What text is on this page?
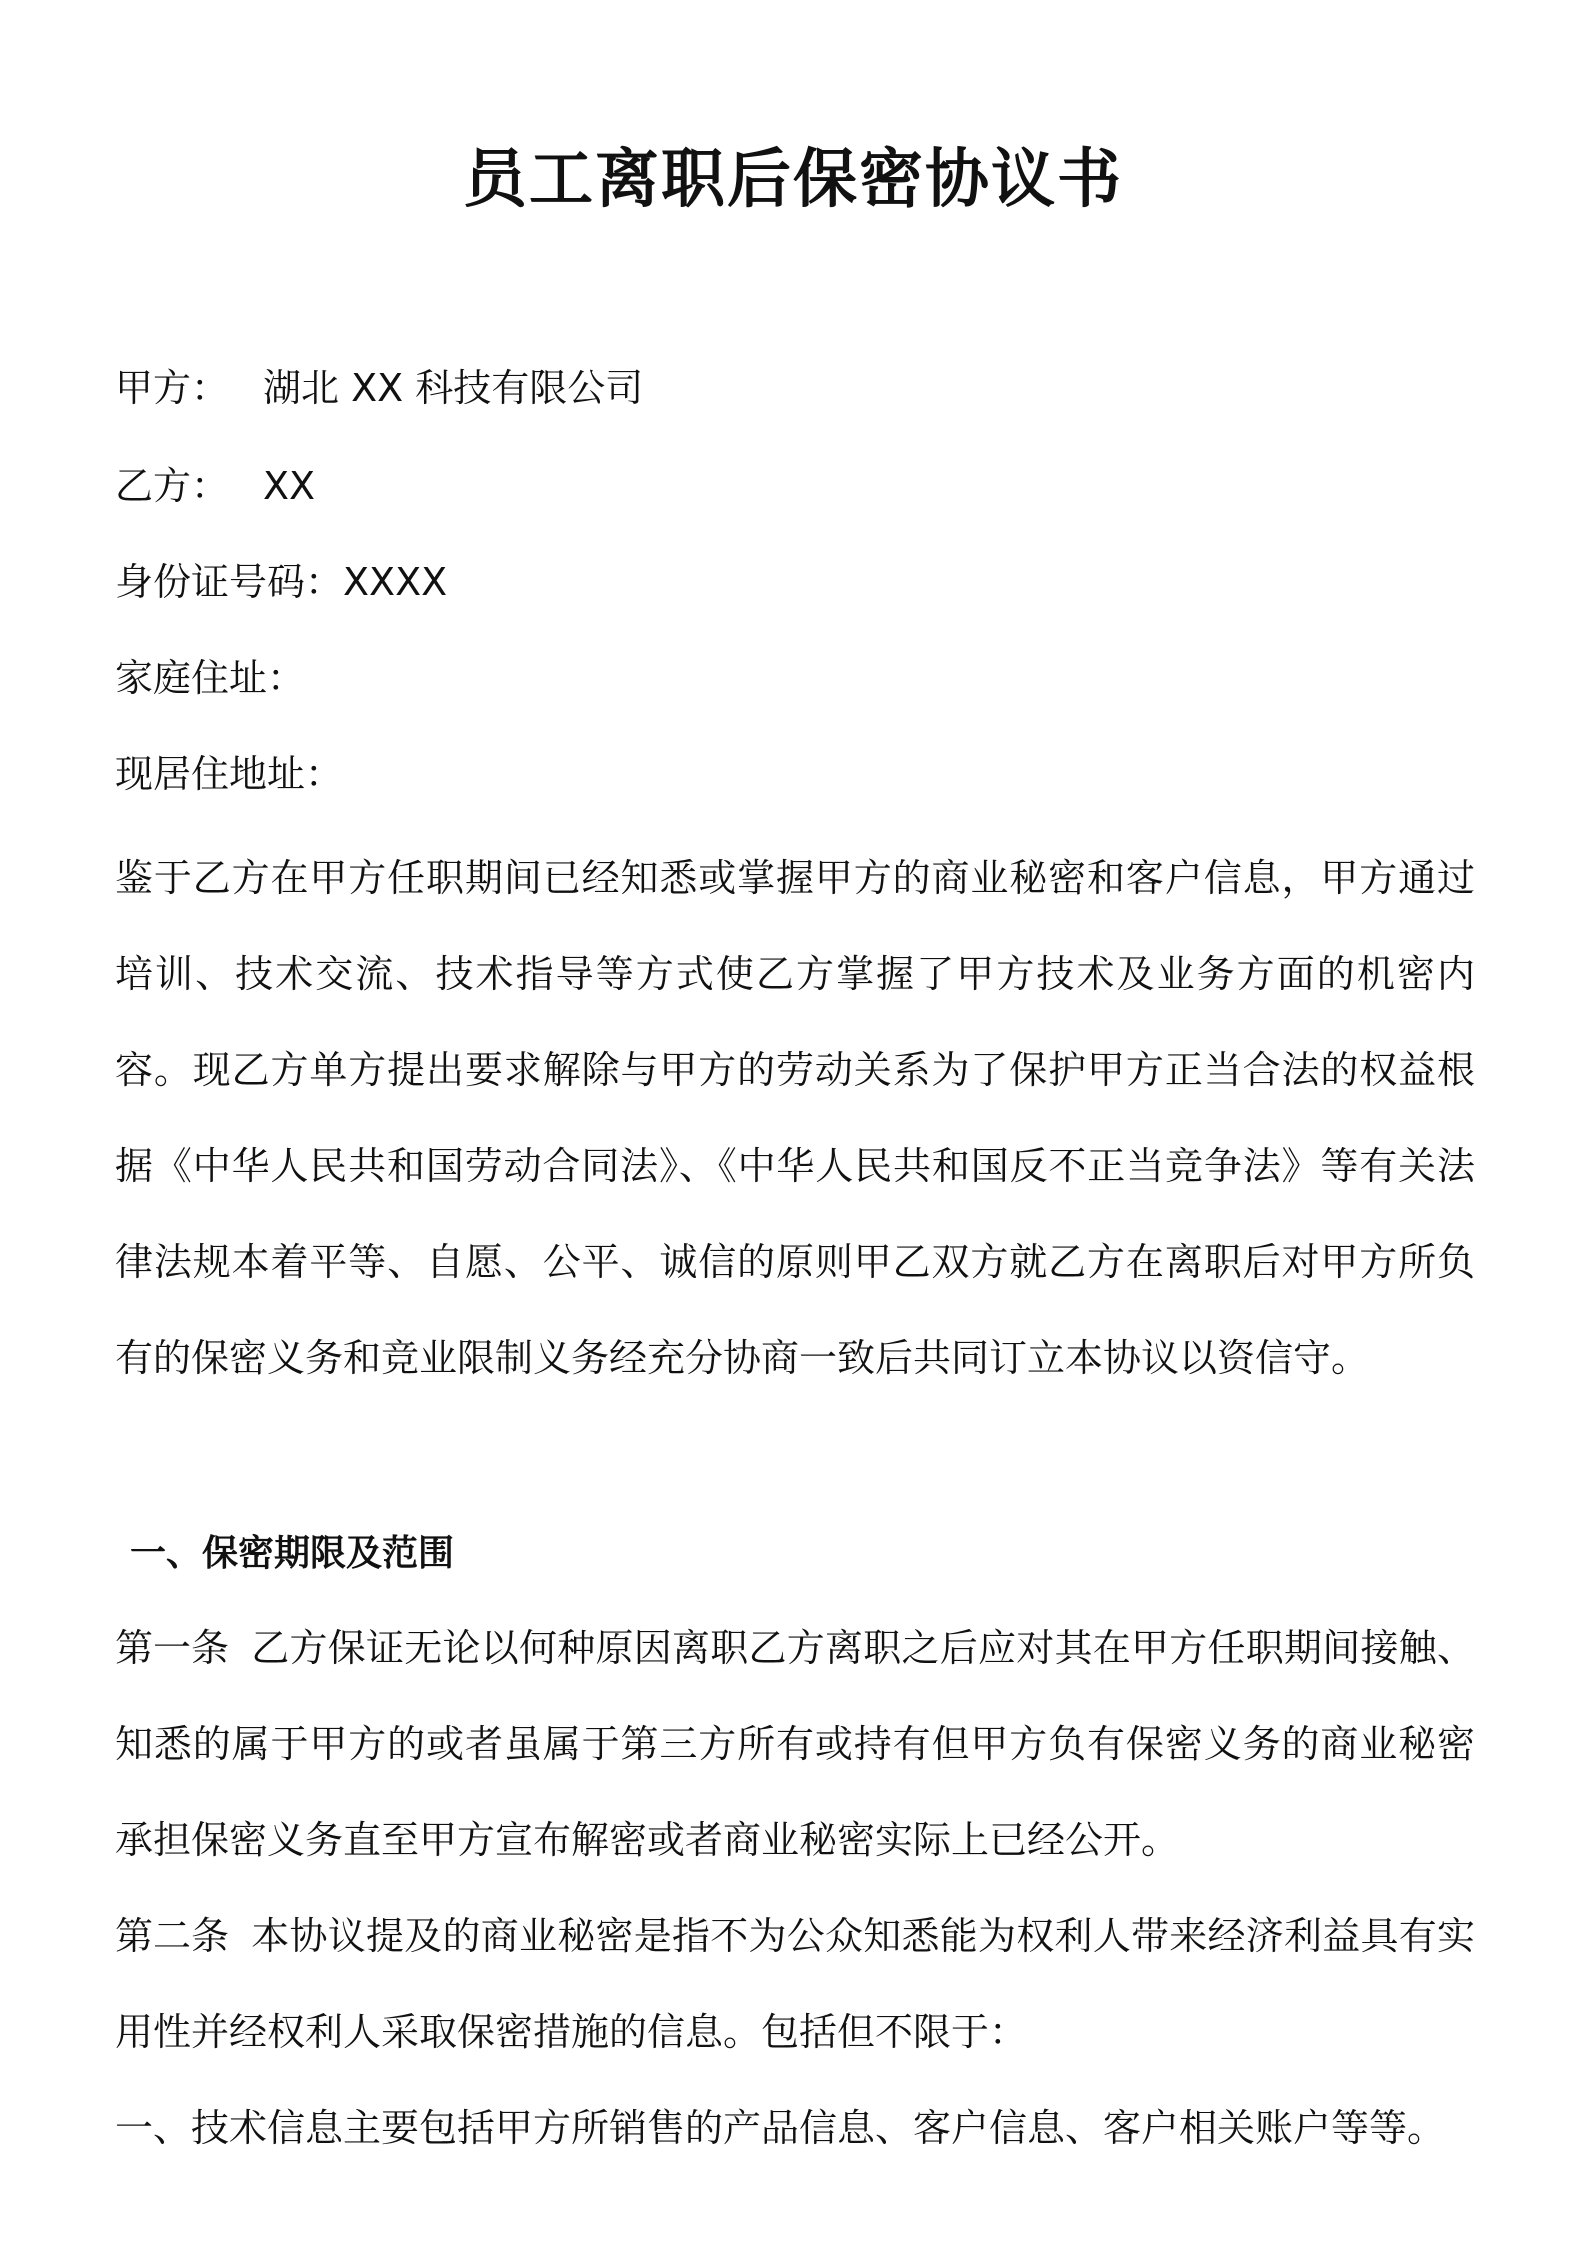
员工离职后保密协议书

甲方： 湖北 XX 科技有限公司

乙方： XX

身份证号码：XXXX

家庭住址：

现居住地址：

鉴于乙方在甲方任职期间已经知悉或掌握甲方的商业秘密和客户信息，甲方通过培训、技术交流、技术指导等方式使乙方掌握了甲方技术及业务方面的机密内容。现乙方单方提出要求解除与甲方的劳动关系为了保护甲方正当合法的权益根据《中华人民共和国劳动合同法》、《中华人民共和国反不正当竞争法》等有关法律法规本着平等、自愿、公平、诚信的原则甲乙双方就乙方在离职后对甲方所负有的保密义务和竞业限制义务经充分协商一致后共同订立本协议以资信守。

一、保密期限及范围

第一条 乙方保证无论以何种原因离职乙方离职之后应对其在甲方任职期间接触、知悉的属于甲方的或者虽属于第三方所有或持有但甲方负有保密义务的商业秘密承担保密义务直至甲方宣布解密或者商业秘密实际上已经公开。

第二条 本协议提及的商业秘密是指不为公众知悉能为权利人带来经济利益具有实用性并经权利人采取保密措施的信息。包括但不限于：

一、技术信息主要包括甲方所销售的产品信息、客户信息、客户相关账户等等。
